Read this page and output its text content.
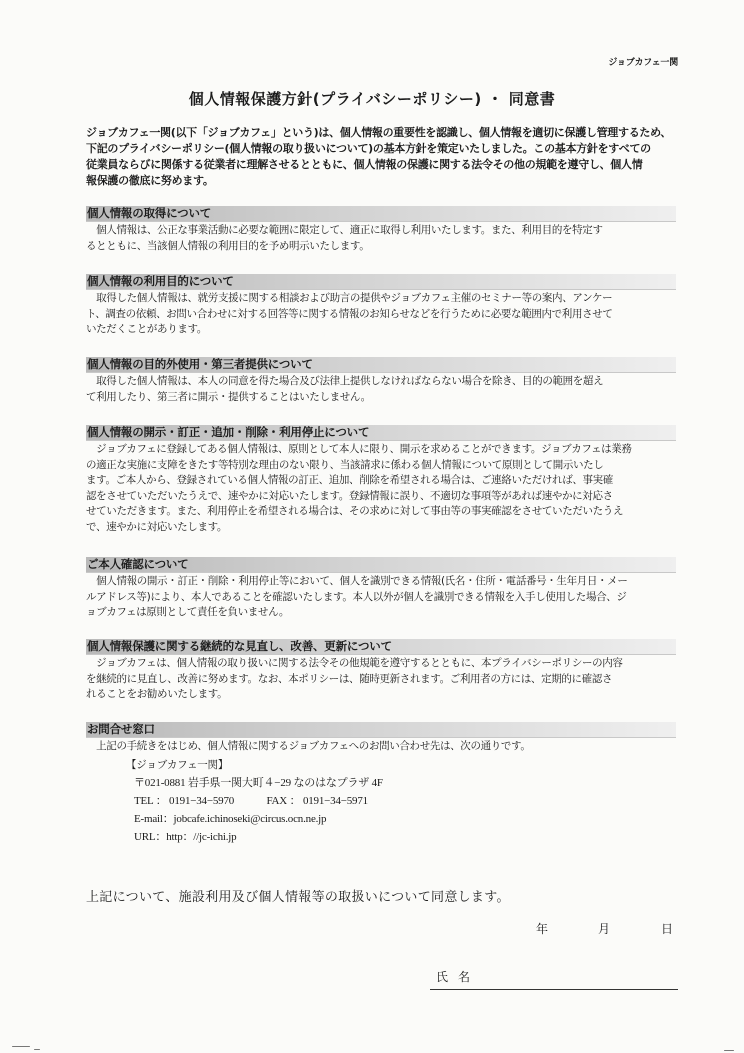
ジョブカフェ一関
個人情報保護方針(プライバシーポリシー) ・ 同意書

ジョブカフェ一関(以下「ジョブカフェ」という)は、個人情報の重要性を認識し、個人情報を適切に保護し管理するため、

下記のプライバシーポリシー(個人情報の取り扱いについて)の基本方針を策定いたしました。この基本方針をすべての

従業員ならびに関係する従業者に理解させるとともに、個人情報の保護に関する法令その他の規範を遵守し、個人情

報保護の徹底に努めます。

個人情報の取得について

　個人情報は、公正な事業活動に必要な範囲に限定して、適正に取得し利用いたします。また、利用目的を特定す

るとともに、当該個人情報の利用目的を予め明示いたします。

個人情報の利用目的について

　取得した個人情報は、就労支援に関する相談および助言の提供やジョブカフェ主催のセミナー等の案内、アンケー

ト、調査の依頼、お問い合わせに対する回答等に関する情報のお知らせなどを行うために必要な範囲内で利用させて

いただくことがあります。

個人情報の目的外使用・第三者提供について

　取得した個人情報は、本人の同意を得た場合及び法律上提供しなければならない場合を除き、目的の範囲を超え

て利用したり、第三者に開示・提供することはいたしません。

個人情報の開示・訂正・追加・削除・利用停止について

　ジョブカフェに登録してある個人情報は、原則として本人に限り、開示を求めることができます。ジョブカフェは業務

の適正な実施に支障をきたす等特別な理由のない限り、当該請求に係わる個人情報について原則として開示いたし

ます。ご本人から、登録されている個人情報の訂正、追加、削除を希望される場合は、ご連絡いただければ、事実確

認をさせていただいたうえで、速やかに対応いたします。登録情報に誤り、不適切な事項等があれば速やかに対応さ

せていただきます。また、利用停止を希望される場合は、その求めに対して事由等の事実確認をさせていただいたうえ

で、速やかに対応いたします。

ご本人確認について

　個人情報の開示・訂正・削除・利用停止等において、個人を識別できる情報(氏名・住所・電話番号・生年月日・メー

ルアドレス等)により、本人であることを確認いたします。本人以外が個人を識別できる情報を入手し使用した場合、ジ

ョブカフェは原則として責任を負いません。

個人情報保護に関する継続的な見直し、改善、更新について

　ジョブカフェは、個人情報の取り扱いに関する法令その他規範を遵守するとともに、本プライバシーポリシーの内容

を継続的に見直し、改善に努めます。なお、本ポリシーは、随時更新されます。ご利用者の方には、定期的に確認さ

れることをお勧めいたします。

お問合せ窓口

　上記の手続きをはじめ、個人情報に関するジョブカフェへのお問い合わせ先は、次の通りです。

【ジョブカフェ一関】
〒021-0881 岩手県一関大町４−29 なのはなプラザ 4F
TEL ： 0191−34−5970　　　FAX ： 0191−34−5971
E-mail：jobcafe.ichinoseki@circus.ocn.ne.jp
URL：http：//jc-ichi.jp
上記について、施設利用及び個人情報等の取扱いについて同意します。
年	月	日
氏名
